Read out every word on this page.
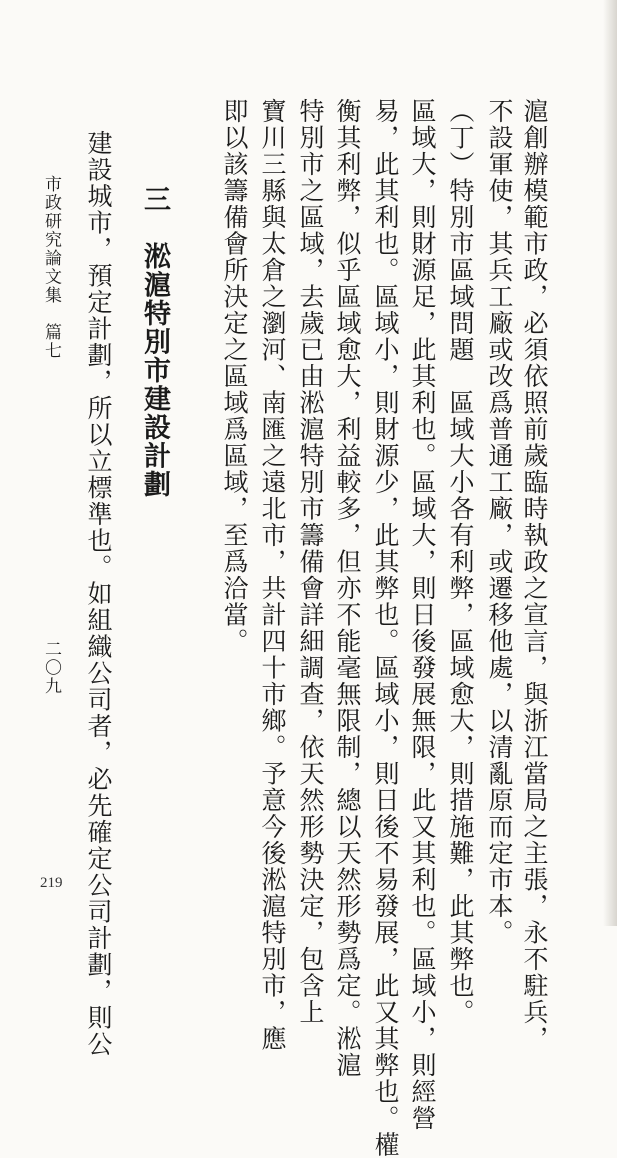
滬創辦模範市政，必須依照前歲臨時執政之宣言，與浙江當局之主張，永不駐兵，
不設軍使，其兵工廠或改爲普通工廠，或遷移他處，以清亂原而定市本。
（丁）特別市區域問題　區域大小各有利弊，區域愈大，則措施難，此其弊也。
區域大，則財源足，此其利也。區域大，則日後發展無限，此又其利也。區域小，則經營
易，此其利也。區域小，則財源少，此其弊也。區域小，則日後不易發展，此又其弊也。權
衡其利弊，似乎區域愈大，利益較多，但亦不能毫無限制，總以天然形勢爲定。淞滬
特別市之區域，去歲已由淞滬特別市籌備會詳細調查，依天然形勢決定，包含上
寶川三縣與太倉之瀏河、南匯之遠北市，共計四十市鄉。予意今後淞滬特別市，應
即以該籌備會所決定之區域爲區域，至爲洽當。
三　淞滬特別市建設計劃
建設城市，預定計劃，所以立標準也。如組織公司者，必先確定公司計劃，則公
市政研究論文集　篇七
二〇九
219
